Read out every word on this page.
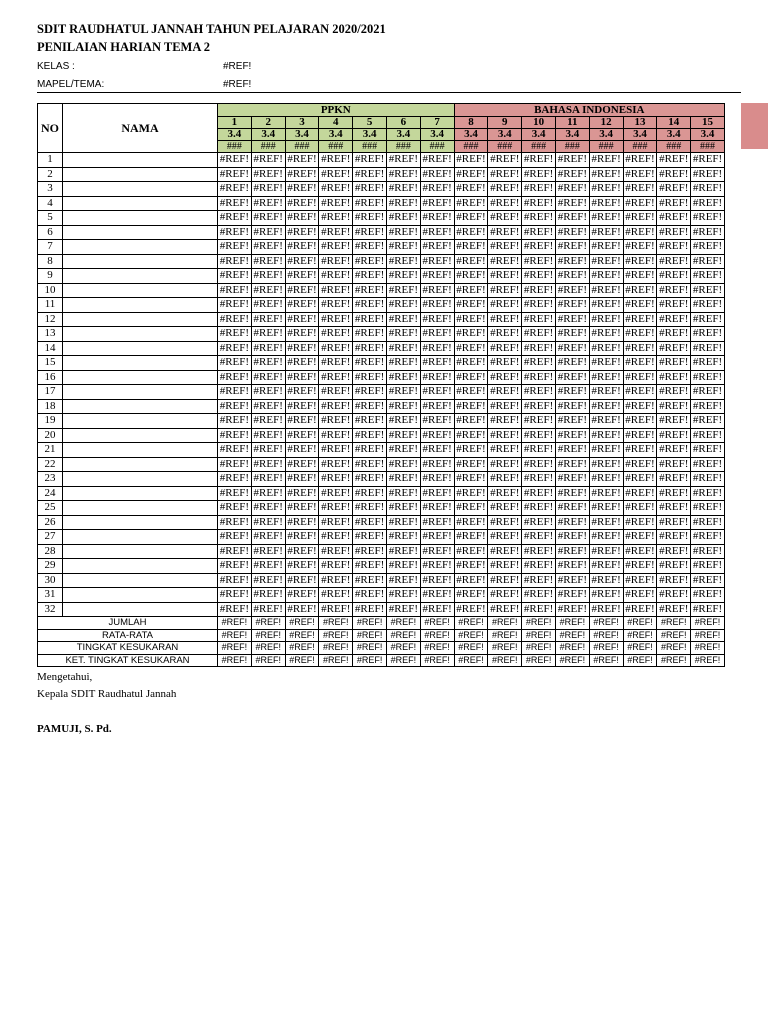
SDIT RAUDHATUL JANNAH TAHUN PELAJARAN 2020/2021
PENILAIAN HARIAN TEMA 2
KELAS :	#REF!
MAPEL/TEMA:	#REF!
NO	NAMA	PPKN							BAHASA INDONESIA							
		1	2	3	4	5	6	7	8	9	10	11	12	13	14	15
		3.4	3.4	3.4	3.4	3.4	3.4	3.4	3.4	3.4	3.4	3.4	3.4	3.4	3.4	3.4
		###	###	###	###	###	###	###	###	###	###	###	###	###	###	###
1		#REF!	#REF!	#REF!	#REF!	#REF!	#REF!	#REF!	#REF!	#REF!	#REF!	#REF!	#REF!	#REF!	#REF!	#REF!
2		#REF!	#REF!	#REF!	#REF!	#REF!	#REF!	#REF!	#REF!	#REF!	#REF!	#REF!	#REF!	#REF!	#REF!	#REF!
3		#REF!	#REF!	#REF!	#REF!	#REF!	#REF!	#REF!	#REF!	#REF!	#REF!	#REF!	#REF!	#REF!	#REF!	#REF!
4		#REF!	#REF!	#REF!	#REF!	#REF!	#REF!	#REF!	#REF!	#REF!	#REF!	#REF!	#REF!	#REF!	#REF!	#REF!
5		#REF!	#REF!	#REF!	#REF!	#REF!	#REF!	#REF!	#REF!	#REF!	#REF!	#REF!	#REF!	#REF!	#REF!	#REF!
6		#REF!	#REF!	#REF!	#REF!	#REF!	#REF!	#REF!	#REF!	#REF!	#REF!	#REF!	#REF!	#REF!	#REF!	#REF!
7		#REF!	#REF!	#REF!	#REF!	#REF!	#REF!	#REF!	#REF!	#REF!	#REF!	#REF!	#REF!	#REF!	#REF!	#REF!
8		#REF!	#REF!	#REF!	#REF!	#REF!	#REF!	#REF!	#REF!	#REF!	#REF!	#REF!	#REF!	#REF!	#REF!	#REF!
9		#REF!	#REF!	#REF!	#REF!	#REF!	#REF!	#REF!	#REF!	#REF!	#REF!	#REF!	#REF!	#REF!	#REF!	#REF!
10		#REF!	#REF!	#REF!	#REF!	#REF!	#REF!	#REF!	#REF!	#REF!	#REF!	#REF!	#REF!	#REF!	#REF!	#REF!
11		#REF!	#REF!	#REF!	#REF!	#REF!	#REF!	#REF!	#REF!	#REF!	#REF!	#REF!	#REF!	#REF!	#REF!	#REF!
12		#REF!	#REF!	#REF!	#REF!	#REF!	#REF!	#REF!	#REF!	#REF!	#REF!	#REF!	#REF!	#REF!	#REF!	#REF!
13		#REF!	#REF!	#REF!	#REF!	#REF!	#REF!	#REF!	#REF!	#REF!	#REF!	#REF!	#REF!	#REF!	#REF!	#REF!
14		#REF!	#REF!	#REF!	#REF!	#REF!	#REF!	#REF!	#REF!	#REF!	#REF!	#REF!	#REF!	#REF!	#REF!	#REF!
15		#REF!	#REF!	#REF!	#REF!	#REF!	#REF!	#REF!	#REF!	#REF!	#REF!	#REF!	#REF!	#REF!	#REF!	#REF!
16		#REF!	#REF!	#REF!	#REF!	#REF!	#REF!	#REF!	#REF!	#REF!	#REF!	#REF!	#REF!	#REF!	#REF!	#REF!
17		#REF!	#REF!	#REF!	#REF!	#REF!	#REF!	#REF!	#REF!	#REF!	#REF!	#REF!	#REF!	#REF!	#REF!	#REF!
18		#REF!	#REF!	#REF!	#REF!	#REF!	#REF!	#REF!	#REF!	#REF!	#REF!	#REF!	#REF!	#REF!	#REF!	#REF!
19		#REF!	#REF!	#REF!	#REF!	#REF!	#REF!	#REF!	#REF!	#REF!	#REF!	#REF!	#REF!	#REF!	#REF!	#REF!
20		#REF!	#REF!	#REF!	#REF!	#REF!	#REF!	#REF!	#REF!	#REF!	#REF!	#REF!	#REF!	#REF!	#REF!	#REF!
21		#REF!	#REF!	#REF!	#REF!	#REF!	#REF!	#REF!	#REF!	#REF!	#REF!	#REF!	#REF!	#REF!	#REF!	#REF!
22		#REF!	#REF!	#REF!	#REF!	#REF!	#REF!	#REF!	#REF!	#REF!	#REF!	#REF!	#REF!	#REF!	#REF!	#REF!
23		#REF!	#REF!	#REF!	#REF!	#REF!	#REF!	#REF!	#REF!	#REF!	#REF!	#REF!	#REF!	#REF!	#REF!	#REF!
24		#REF!	#REF!	#REF!	#REF!	#REF!	#REF!	#REF!	#REF!	#REF!	#REF!	#REF!	#REF!	#REF!	#REF!	#REF!
25		#REF!	#REF!	#REF!	#REF!	#REF!	#REF!	#REF!	#REF!	#REF!	#REF!	#REF!	#REF!	#REF!	#REF!	#REF!
26		#REF!	#REF!	#REF!	#REF!	#REF!	#REF!	#REF!	#REF!	#REF!	#REF!	#REF!	#REF!	#REF!	#REF!	#REF!
27		#REF!	#REF!	#REF!	#REF!	#REF!	#REF!	#REF!	#REF!	#REF!	#REF!	#REF!	#REF!	#REF!	#REF!	#REF!
28		#REF!	#REF!	#REF!	#REF!	#REF!	#REF!	#REF!	#REF!	#REF!	#REF!	#REF!	#REF!	#REF!	#REF!	#REF!
29		#REF!	#REF!	#REF!	#REF!	#REF!	#REF!	#REF!	#REF!	#REF!	#REF!	#REF!	#REF!	#REF!	#REF!	#REF!
30		#REF!	#REF!	#REF!	#REF!	#REF!	#REF!	#REF!	#REF!	#REF!	#REF!	#REF!	#REF!	#REF!	#REF!	#REF!
31		#REF!	#REF!	#REF!	#REF!	#REF!	#REF!	#REF!	#REF!	#REF!	#REF!	#REF!	#REF!	#REF!	#REF!	#REF!
32		#REF!	#REF!	#REF!	#REF!	#REF!	#REF!	#REF!	#REF!	#REF!	#REF!	#REF!	#REF!	#REF!	#REF!	#REF!
JUMLAH		#REF!	#REF!	#REF!	#REF!	#REF!	#REF!	#REF!	#REF!	#REF!	#REF!	#REF!	#REF!	#REF!	#REF!	#REF!
RATA-RATA		#REF!	#REF!	#REF!	#REF!	#REF!	#REF!	#REF!	#REF!	#REF!	#REF!	#REF!	#REF!	#REF!	#REF!	#REF!
TINGKAT KESUKARAN		#REF!	#REF!	#REF!	#REF!	#REF!	#REF!	#REF!	#REF!	#REF!	#REF!	#REF!	#REF!	#REF!	#REF!	#REF!
KET. TINGKAT KESUKARAN		#REF!	#REF!	#REF!	#REF!	#REF!	#REF!	#REF!	#REF!	#REF!	#REF!	#REF!	#REF!	#REF!	#REF!	#REF!
Mengetahui,
Kepala SDIT Raudhatul Jannah
PAMUJI, S. Pd.
